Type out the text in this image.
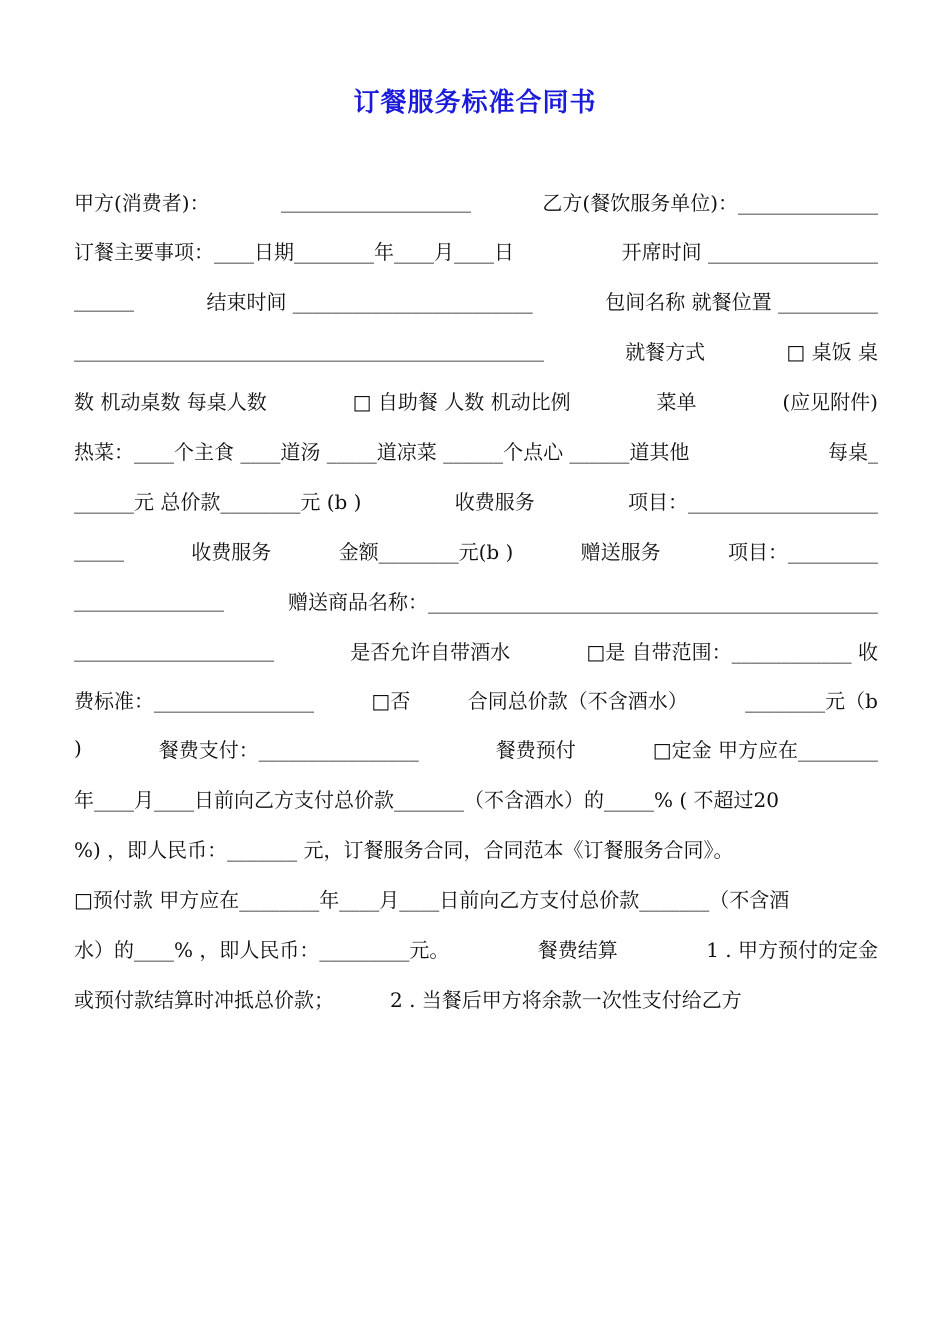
订餐服务标准合同书
甲方(消费者)：	___________________	乙方(餐饮服务单位)：______________
订餐主要事项：____日期________年____月____日	开席时间 _________________
______	结束时间 ________________________	包间名称 就餐位置 __________
_______________________________________________	就餐方式	□ 桌饭 桌
数 机动桌数 每桌人数	□ 自助餐 人数 机动比例	菜单	(应见附件)
热菜：____个主食 ____道汤 _____道凉菜 ______个点心 ______道其他	每桌_
______元 总价款________元 (b )	收费服务	项目：___________________
_____	收费服务	金额________元(b )	赠送服务	项目：_________
_______________	赠送商品名称：_____________________________________________
____________________	是否允许自带酒水	□是 自带范围：____________ 收
费标准：________________	□否	合同总价款（不含酒水）	________元（b
)	餐费支付：________________	餐费预付	□定金 甲方应在________
年____月____日前向乙方支付总价款_______（不含酒水）的_____% ( 不超过20
%) ，即人民币：_______ 元，订餐服务合同，合同范本《订餐服务合同》。
□预付款 甲方应在________年____月____日前向乙方支付总价款_______（不含酒
水）的____% ，即人民币：_________元。	餐费结算	1 . 甲方预付的定金
或预付款结算时冲抵总价款；	2 . 当餐后甲方将余款一次性支付给乙方
